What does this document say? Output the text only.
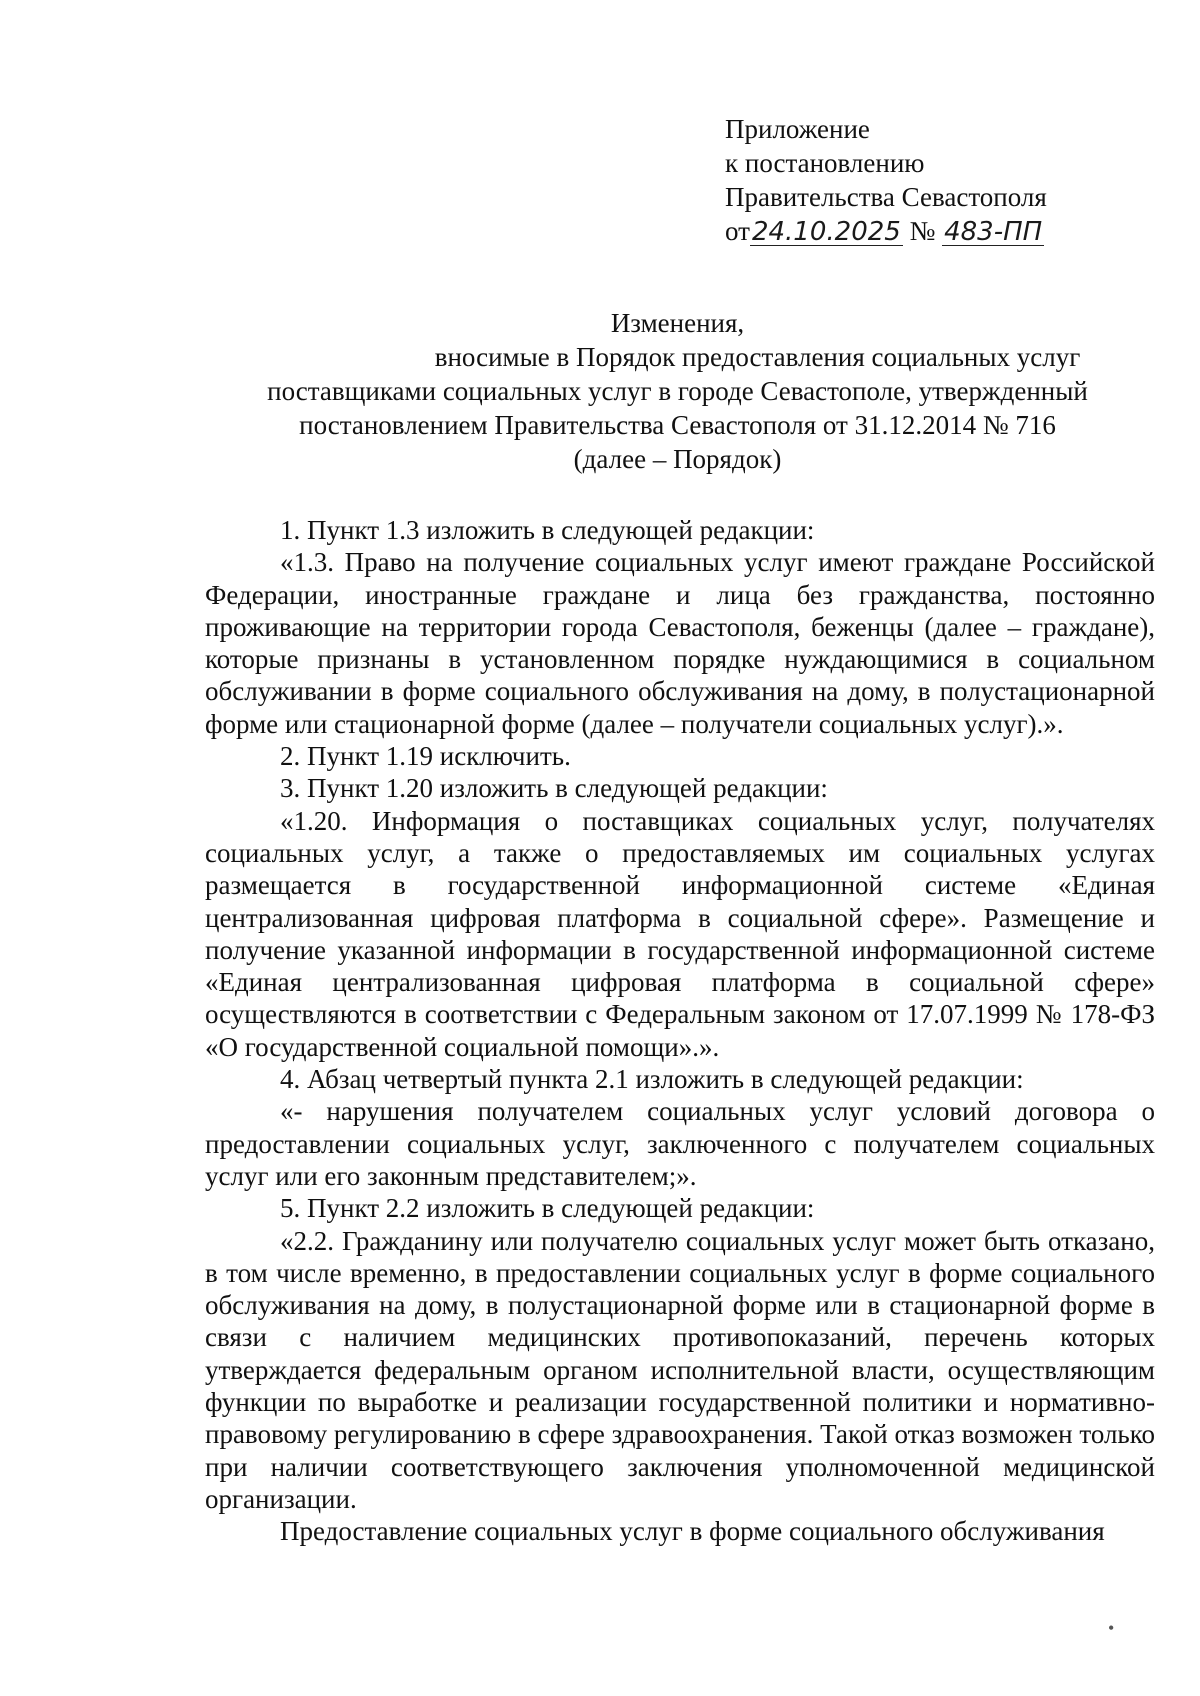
Приложение
к постановлению
Правительства Севастополя
от24.10.2025 № 483-ПП
Изменения,
вносимые в Порядок предоставления социальных услуг
поставщиками социальных услуг в городе Севастополе, утвержденный
постановлением Правительства Севастополя от 31.12.2014 № 716
(далее – Порядок)

1. Пункт 1.3 изложить в следующей редакции:

«1.3. Право на получение социальных услуг имеют граждане Российской Федерации, иностранные граждане и лица без гражданства, постоянно проживающие на территории города Севастополя, беженцы (далее – граждане), которые признаны в установленном порядке нуждающимися в социальном обслуживании в форме социального обслуживания на дому, в полустационарной форме или стационарной форме (далее – получатели социальных услуг).».

2. Пункт 1.19 исключить.

3. Пункт 1.20 изложить в следующей редакции:

«1.20. Информация о поставщиках социальных услуг, получателях социальных услуг, а также о предоставляемых им социальных услугах размещается в государственной информационной системе «Единая централизованная цифровая платформа в социальной сфере». Размещение и получение указанной информации в государственной информационной системе «Единая централизованная цифровая платформа в социальной сфере» осуществляются в соответствии с Федеральным законом от 17.07.1999 № 178-ФЗ «О государственной социальной помощи».».

4. Абзац четвертый пункта 2.1 изложить в следующей редакции:

«- нарушения получателем социальных услуг условий договора о предоставлении социальных услуг, заключенного с получателем социальных услуг или его законным представителем;».

5. Пункт 2.2 изложить в следующей редакции:

«2.2. Гражданину или получателю социальных услуг может быть отказано, в том числе временно, в предоставлении социальных услуг в форме социального обслуживания на дому, в полустационарной форме или в стационарной форме в связи с наличием медицинских противопоказаний, перечень которых утверждается федеральным органом исполнительной власти, осуществляющим функции по выработке и реализации государственной политики и нормативно-правовому регулированию в сфере здравоохранения. Такой отказ возможен только при наличии соответствующего заключения уполномоченной медицинской организации.

Предоставление социальных услуг в форме социального обслуживания

•
